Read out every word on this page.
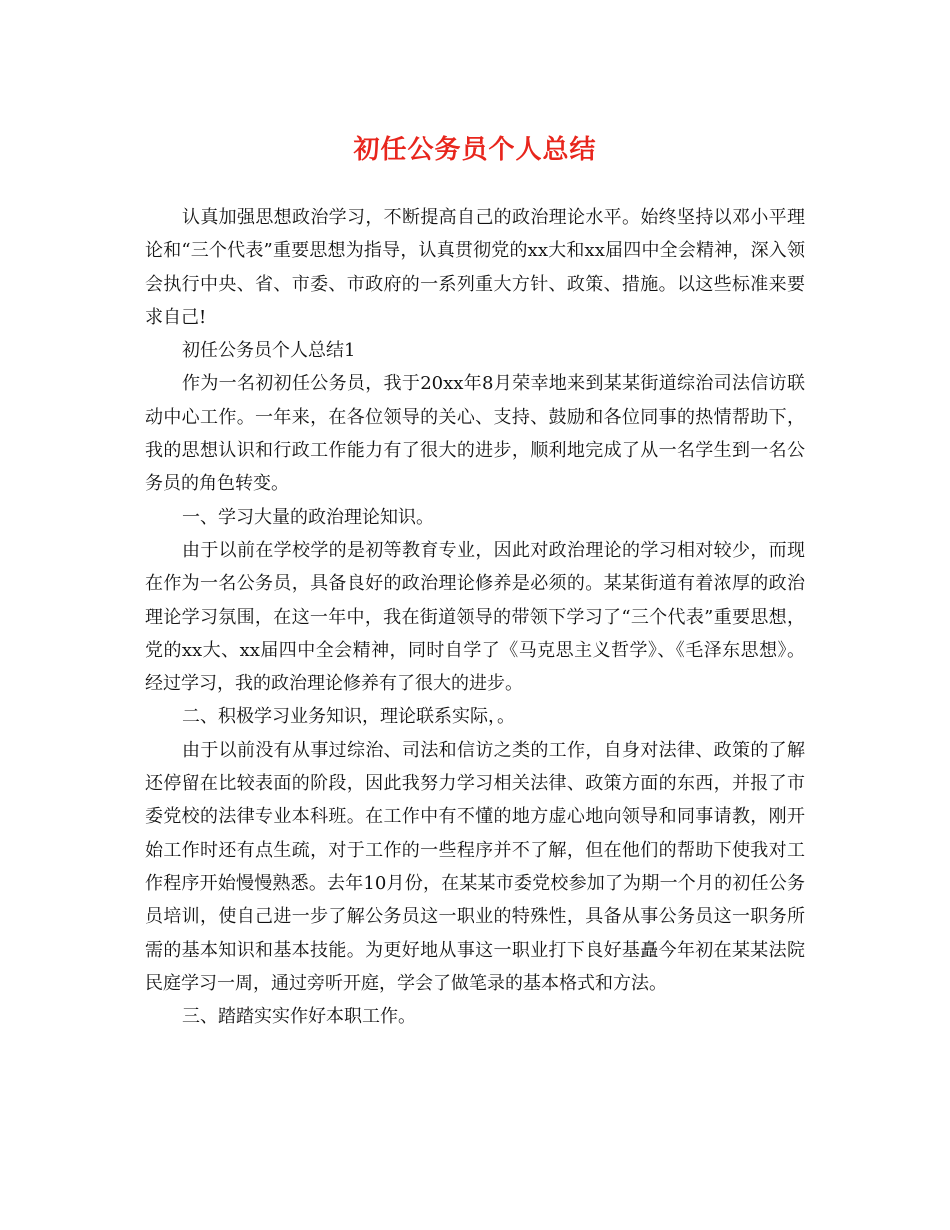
初任公务员个人总结

认真加强思想政治学习，不断提高自己的政治理论水平。始终坚持以邓小平理论和“三个代表”重要思想为指导，认真贯彻党的xx大和xx届四中全会精神，深入领会执行中央、省、市委、市政府的一系列重大方针、政策、措施。以这些标准来要求自己!

初任公务员个人总结1

作为一名初初任公务员，我于20xx年8月荣幸地来到某某街道综治司法信访联动中心工作。一年来，在各位领导的关心、支持、鼓励和各位同事的热情帮助下，我的思想认识和行政工作能力有了很大的进步，顺利地完成了从一名学生到一名公务员的角色转变。

一、学习大量的政治理论知识。

由于以前在学校学的是初等教育专业，因此对政治理论的学习相对较少，而现在作为一名公务员，具备良好的政治理论修养是必须的。某某街道有着浓厚的政治理论学习氛围，在这一年中，我在街道领导的带领下学习了“三个代表”重要思想，党的xx大、xx届四中全会精神，同时自学了《马克思主义哲学》、《毛泽东思想》。经过学习，我的政治理论修养有了很大的进步。

二、积极学习业务知识，理论联系实际，。

由于以前没有从事过综治、司法和信访之类的工作，自身对法律、政策的了解还停留在比较表面的阶段，因此我努力学习相关法律、政策方面的东西，并报了市委党校的法律专业本科班。在工作中有不懂的地方虚心地向领导和同事请教，刚开始工作时还有点生疏，对于工作的一些程序并不了解，但在他们的帮助下使我对工作程序开始慢慢熟悉。去年10月份，在某某市委党校参加了为期一个月的初任公务员培训，使自己进一步了解公务员这一职业的特殊性，具备从事公务员这一职务所需的基本知识和基本技能。为更好地从事这一职业打下良好基矗今年初在某某法院民庭学习一周，通过旁听开庭，学会了做笔录的基本格式和方法。

三、踏踏实实作好本职工作。
